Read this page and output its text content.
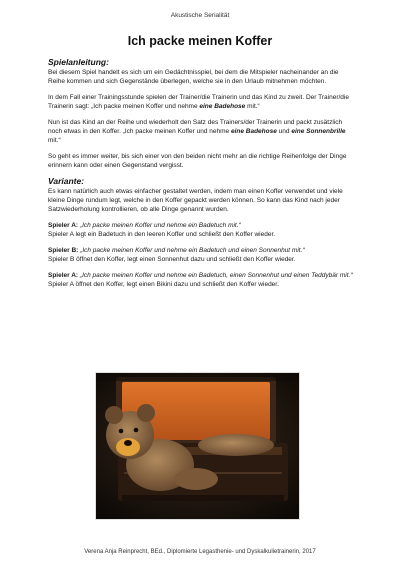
Akustische Serialität
Ich packe meinen Koffer
Spielanleitung:

Bei diesem Spiel handelt es sich um ein Gedächtnisspiel, bei dem die Mitspieler nacheinander an die Reihe kommen und sich Gegenstände überlegen, welche sie in den Urlaub mitnehmen möchten.

In dem Fall einer Trainingsstunde spielen der Trainer/die Trainerin und das Kind zu zweit. Der Trainer/die Trainerin sagt: „Ich packe meinen Koffer und nehme eine Badehose mit.“

Nun ist das Kind an der Reihe und wiederholt den Satz des Trainers/der Trainerin und packt zusätzlich noch etwas in den Koffer. „Ich packe meinen Koffer und nehme eine Badehose und eine Sonnenbrille mit.“

So geht es immer weiter, bis sich einer von den beiden nicht mehr an die richtige Reihenfolge der Dinge erinnern kann oder einen Gegenstand vergisst.

Variante:

Es kann natürlich auch etwas einfacher gestaltet werden, indem man einen Koffer verwendet und viele kleine Dinge rundum legt, welche in den Koffer gepackt werden können. So kann das Kind nach jeder Satzwiederholung kontrollieren, ob alle Dinge genannt wurden.

Spieler A: „Ich packe meinen Koffer und nehme ein Badetuch mit.“
Spieler A legt ein Badetuch in den leeren Koffer und schließt den Koffer wieder.

Spieler B: „Ich packe meinen Koffer und nehme ein Badetuch und einen Sonnenhut mit.“
Spieler B öffnet den Koffer, legt einen Sonnenhut dazu und schließt den Koffer wieder.

Spieler A: „Ich packe meinen Koffer und nehme ein Badetuch, einen Sonnenhut und einen Teddybär mit.“
Spieler A öffnet den Koffer, legt einen Bikini dazu und schließt den Koffer wieder.

Verena Anja Reinprecht, BEd., Diplomierte Legasthenie- und Dyskalkulietrainerin, 2017
